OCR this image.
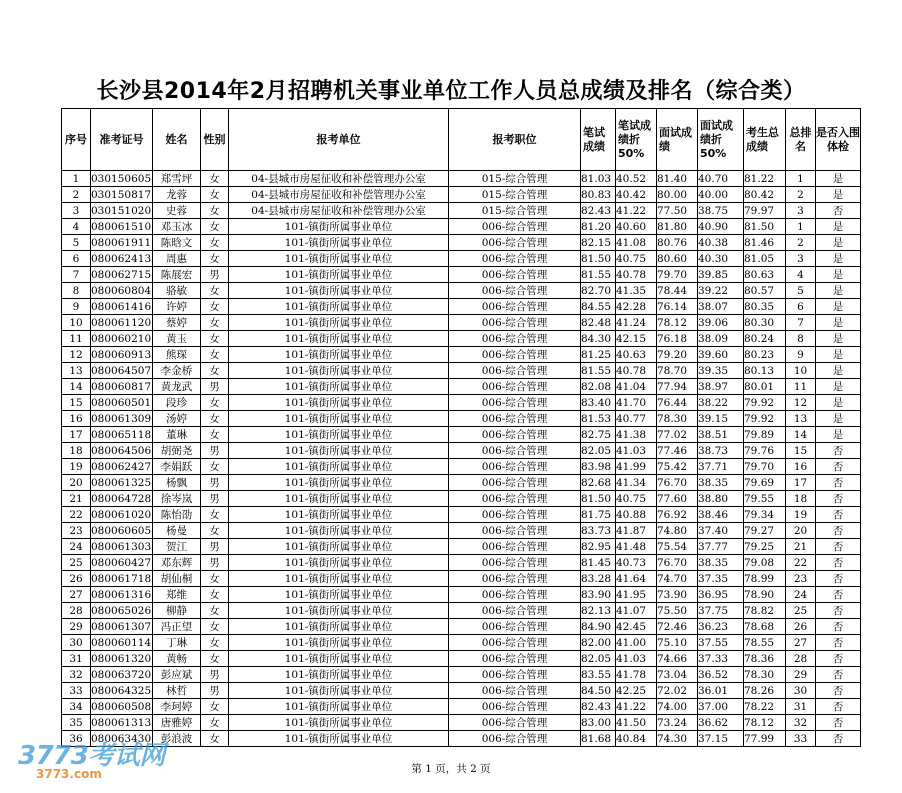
长沙县2014年2月招聘机关事业单位工作人员总成绩及排名（综合类）
序号	准考证号	姓名	性别	报考单位	报考职位	笔试成绩	笔试成绩折50%	面试成绩	面试成绩折50%	考生总成绩	总排名	是否入围体检
1	030150605	郑雪坪	女	04-县城市房屋征收和补偿管理办公室	015-综合管理	81.03	40.52	81.40	40.70	81.22	1	是
2	030150817	龙蓉	女	04-县城市房屋征收和补偿管理办公室	015-综合管理	80.83	40.42	80.00	40.00	80.42	2	是
3	030151020	史蓉	女	04-县城市房屋征收和补偿管理办公室	015-综合管理	82.43	41.22	77.50	38.75	79.97	3	否
4	080061510	邓玉冰	女	101-镇街所属事业单位	006-综合管理	81.20	40.60	81.80	40.90	81.50	1	是
5	080061911	陈晗文	女	101-镇街所属事业单位	006-综合管理	82.15	41.08	80.76	40.38	81.46	2	是
6	080062413	周惠	女	101-镇街所属事业单位	006-综合管理	81.50	40.75	80.60	40.30	81.05	3	是
7	080062715	陈展宏	男	101-镇街所属事业单位	006-综合管理	81.55	40.78	79.70	39.85	80.63	4	是
8	080060804	骆敏	女	101-镇街所属事业单位	006-综合管理	82.70	41.35	78.44	39.22	80.57	5	是
9	080061416	许婷	女	101-镇街所属事业单位	006-综合管理	84.55	42.28	76.14	38.07	80.35	6	是
10	080061120	蔡婷	女	101-镇街所属事业单位	006-综合管理	82.48	41.24	78.12	39.06	80.30	7	是
11	080060210	黄玉	女	101-镇街所属事业单位	006-综合管理	84.30	42.15	76.18	38.09	80.24	8	是
12	080060913	熊琛	女	101-镇街所属事业单位	006-综合管理	81.25	40.63	79.20	39.60	80.23	9	是
13	080064507	李金桥	女	101-镇街所属事业单位	006-综合管理	81.55	40.78	78.70	39.35	80.13	10	是
14	080060817	黄龙武	男	101-镇街所属事业单位	006-综合管理	82.08	41.04	77.94	38.97	80.01	11	是
15	080060501	段珍	女	101-镇街所属事业单位	006-综合管理	83.40	41.70	76.44	38.22	79.92	12	是
16	080061309	汤婷	女	101-镇街所属事业单位	006-综合管理	81.53	40.77	78.30	39.15	79.92	13	是
17	080065118	董琳	女	101-镇街所属事业单位	006-综合管理	82.75	41.38	77.02	38.51	79.89	14	是
18	080064506	胡弼尧	男	101-镇街所属事业单位	006-综合管理	82.05	41.03	77.46	38.73	79.76	15	否
19	080062427	李娟跃	女	101-镇街所属事业单位	006-综合管理	83.98	41.99	75.42	37.71	79.70	16	否
20	080061325	杨飘	男	101-镇街所属事业单位	006-综合管理	82.68	41.34	76.70	38.35	79.69	17	否
21	080064728	徐岑岚	男	101-镇街所属事业单位	006-综合管理	81.50	40.75	77.60	38.80	79.55	18	否
22	080061020	陈怡劭	女	101-镇街所属事业单位	006-综合管理	81.75	40.88	76.92	38.46	79.34	19	否
23	080060605	杨曼	女	101-镇街所属事业单位	006-综合管理	83.73	41.87	74.80	37.40	79.27	20	否
24	080061303	贺江	男	101-镇街所属事业单位	006-综合管理	82.95	41.48	75.54	37.77	79.25	21	否
25	080060427	邓东辉	男	101-镇街所属事业单位	006-综合管理	81.45	40.73	76.70	38.35	79.08	22	否
26	080061718	胡仙桐	女	101-镇街所属事业单位	006-综合管理	83.28	41.64	74.70	37.35	78.99	23	否
27	080061316	郑维	女	101-镇街所属事业单位	006-综合管理	83.90	41.95	73.90	36.95	78.90	24	否
28	080065026	柳静	女	101-镇街所属事业单位	006-综合管理	82.13	41.07	75.50	37.75	78.82	25	否
29	080061307	冯正望	女	101-镇街所属事业单位	006-综合管理	84.90	42.45	72.46	36.23	78.68	26	否
30	080060114	丁琳	女	101-镇街所属事业单位	006-综合管理	82.00	41.00	75.10	37.55	78.55	27	否
31	080061320	黄畅	女	101-镇街所属事业单位	006-综合管理	82.05	41.03	74.66	37.33	78.36	28	否
32	080063720	彭应斌	男	101-镇街所属事业单位	006-综合管理	83.55	41.78	73.04	36.52	78.30	29	否
33	080064325	林哲	男	101-镇街所属事业单位	006-综合管理	84.50	42.25	72.02	36.01	78.26	30	否
34	080060508	李珂婷	女	101-镇街所属事业单位	006-综合管理	82.43	41.22	74.00	37.00	78.22	31	否
35	080061313	唐雅婷	女	101-镇街所属事业单位	006-综合管理	83.00	41.50	73.24	36.62	78.12	32	否
36	080063430	彭浪波	女	101-镇街所属事业单位	006-综合管理	81.68	40.84	74.30	37.15	77.99	33	否
第 1 页，共 2 页
3773考试网
3773.com
